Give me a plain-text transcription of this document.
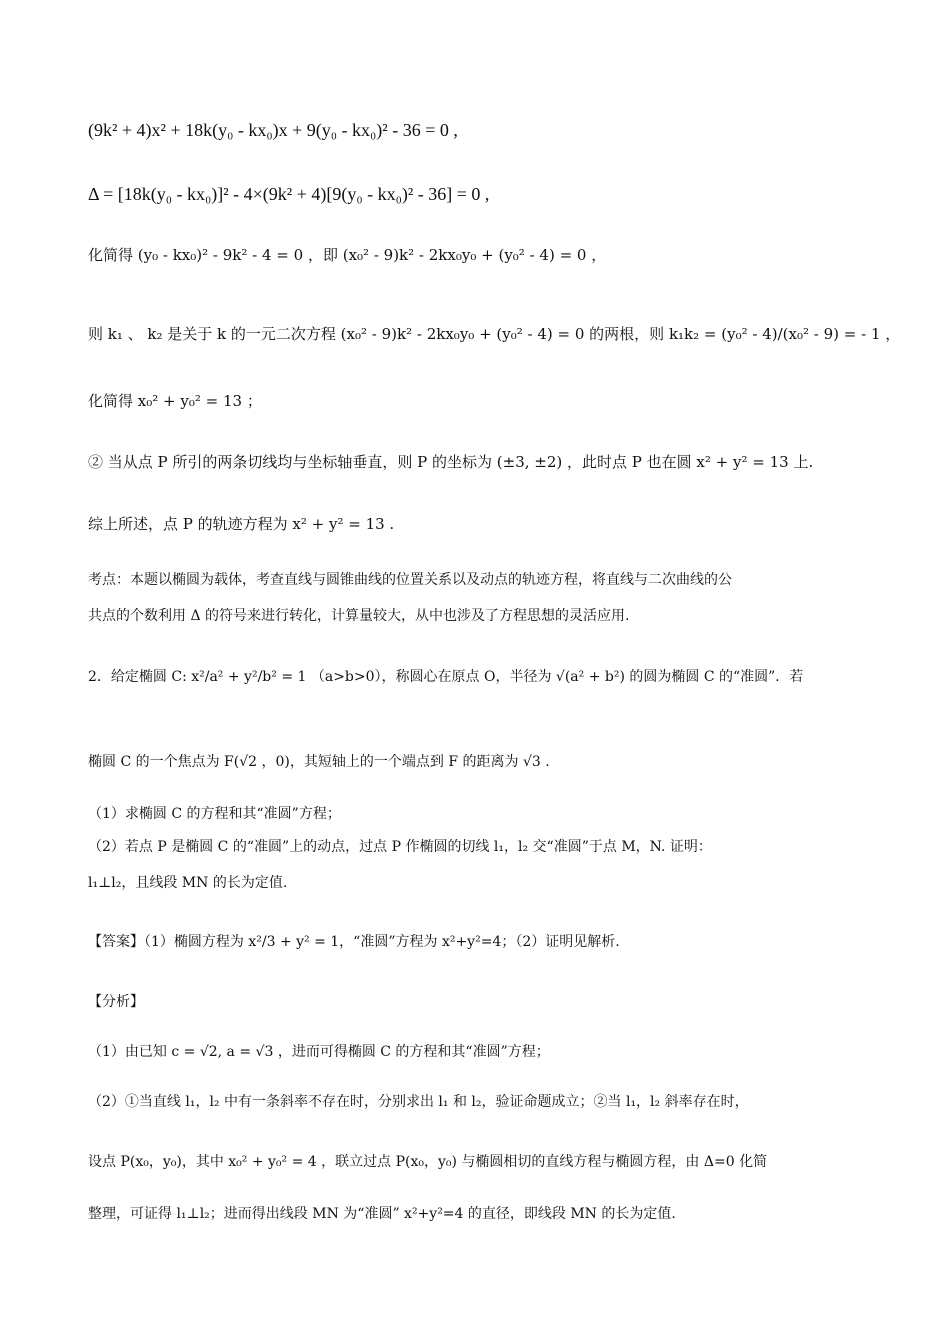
(9k² + 4)x² + 18k(y₀ - kx₀)x + 9(y₀ - kx₀)² - 36 = 0 ,
Δ = [18k(y₀ - kx₀)]² - 4×(9k² + 4)[9(y₀ - kx₀)² - 36] = 0 ,
化简得 (y₀ - kx₀)² - 9k² - 4 = 0 ，即 (x₀² - 9)k² - 2kx₀y₀ + (y₀² - 4) = 0 ，
则 k₁ 、 k₂ 是关于 k 的一元二次方程 (x₀² - 9)k² - 2kx₀y₀ + (y₀² - 4) = 0 的两根，则 k₁k₂ = (y₀² - 4)/(x₀² - 9) = - 1 ，
化简得 x₀² + y₀² = 13 ；
② 当从点 P 所引的两条切线均与坐标轴垂直，则 P 的坐标为 (±3, ±2) ，此时点 P 也在圆 x² + y² = 13 上.
综上所述，点 P 的轨迹方程为 x² + y² = 13 .
考点：本题以椭圆为载体，考查直线与圆锥曲线的位置关系以及动点的轨迹方程，将直线与二次曲线的公
共点的个数利用 Δ 的符号来进行转化，计算量较大，从中也涉及了方程思想的灵活应用.
2．给定椭圆 C: x²/a² + y²/b² = 1 （a>b>0），称圆心在原点 O，半径为 √(a² + b²) 的圆为椭圆 C 的“准圆”．若
椭圆 C 的一个焦点为 F(√2 ，0)，其短轴上的一个端点到 F 的距离为 √3 .
（1）求椭圆 C 的方程和其“准圆”方程；
（2）若点 P 是椭圆 C 的“准圆”上的动点，过点 P 作椭圆的切线 l₁，l₂ 交“准圆”于点 M，N. 证明：
l₁⊥l₂，且线段 MN 的长为定值.
【答案】（1）椭圆方程为 x²/3 + y² = 1，“准圆”方程为 x²+y²=4；（2）证明见解析.
【分析】
（1）由已知 c = √2, a = √3 ，进而可得椭圆 C 的方程和其“准圆”方程；
（2）①当直线 l₁，l₂ 中有一条斜率不存在时，分别求出 l₁ 和 l₂，验证命题成立；②当 l₁，l₂ 斜率存在时，
设点 P(x₀，y₀)，其中 x₀² + y₀² = 4 ，联立过点 P(x₀，y₀) 与椭圆相切的直线方程与椭圆方程，由 Δ=0 化简
整理，可证得 l₁⊥l₂；进而得出线段 MN 为“准圆” x²+y²=4 的直径，即线段 MN 的长为定值.
